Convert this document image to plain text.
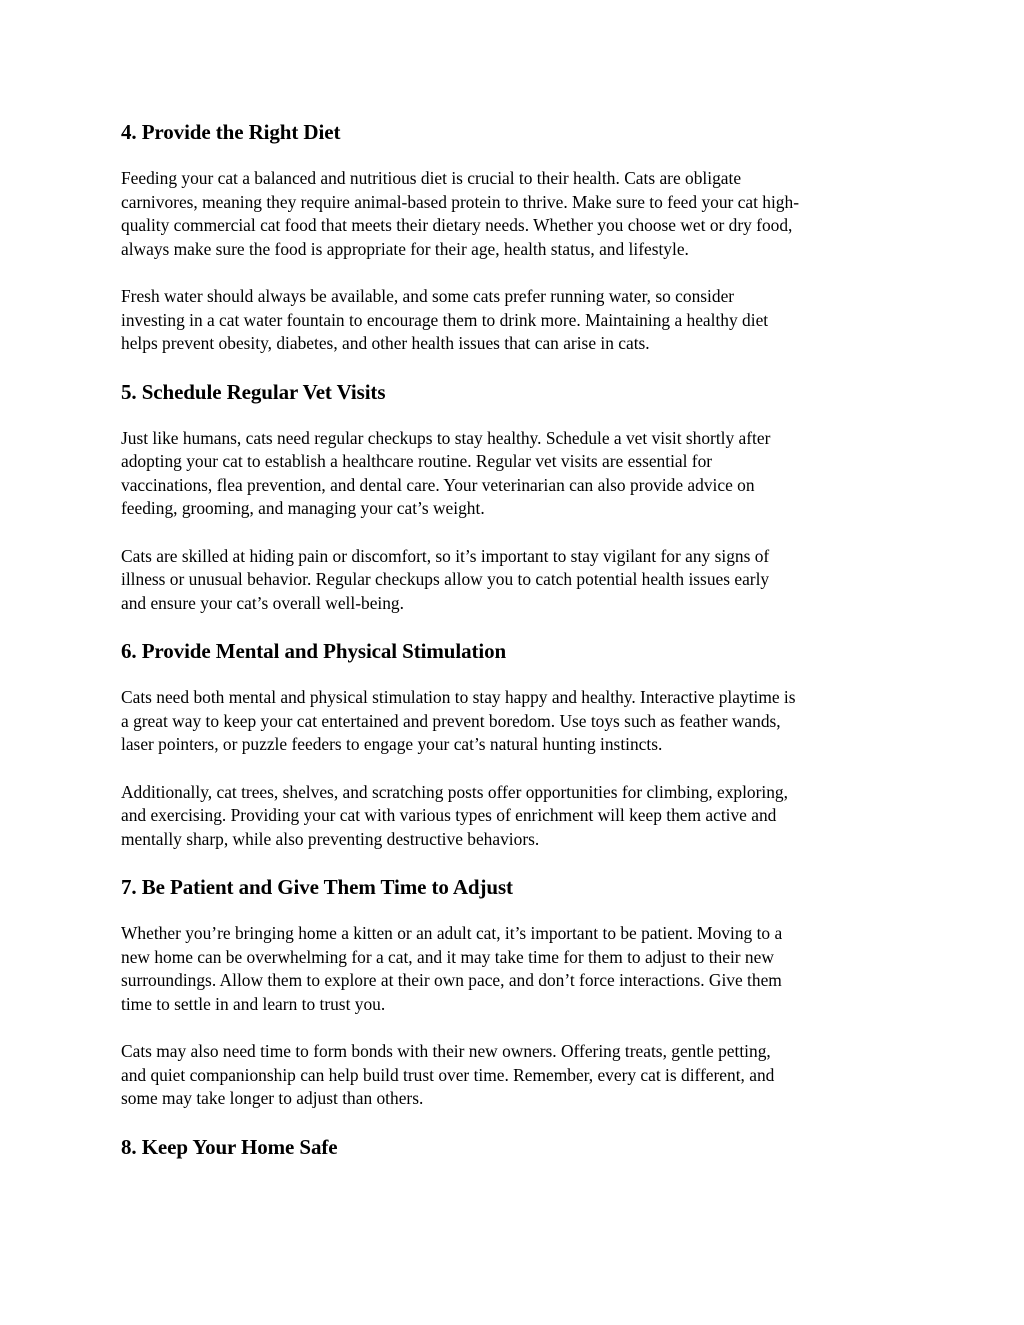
4. Provide the Right Diet

Feeding your cat a balanced and nutritious diet is crucial to their health. Cats are obligate
carnivores, meaning they require animal-based protein to thrive. Make sure to feed your cat high-
quality commercial cat food that meets their dietary needs. Whether you choose wet or dry food,
always make sure the food is appropriate for their age, health status, and lifestyle.

Fresh water should always be available, and some cats prefer running water, so consider
investing in a cat water fountain to encourage them to drink more. Maintaining a healthy diet
helps prevent obesity, diabetes, and other health issues that can arise in cats.

5. Schedule Regular Vet Visits

Just like humans, cats need regular checkups to stay healthy. Schedule a vet visit shortly after
adopting your cat to establish a healthcare routine. Regular vet visits are essential for
vaccinations, flea prevention, and dental care. Your veterinarian can also provide advice on
feeding, grooming, and managing your cat’s weight.

Cats are skilled at hiding pain or discomfort, so it’s important to stay vigilant for any signs of
illness or unusual behavior. Regular checkups allow you to catch potential health issues early
and ensure your cat’s overall well-being.

6. Provide Mental and Physical Stimulation

Cats need both mental and physical stimulation to stay happy and healthy. Interactive playtime is
a great way to keep your cat entertained and prevent boredom. Use toys such as feather wands,
laser pointers, or puzzle feeders to engage your cat’s natural hunting instincts.

Additionally, cat trees, shelves, and scratching posts offer opportunities for climbing, exploring,
and exercising. Providing your cat with various types of enrichment will keep them active and
mentally sharp, while also preventing destructive behaviors.

7. Be Patient and Give Them Time to Adjust

Whether you’re bringing home a kitten or an adult cat, it’s important to be patient. Moving to a
new home can be overwhelming for a cat, and it may take time for them to adjust to their new
surroundings. Allow them to explore at their own pace, and don’t force interactions. Give them
time to settle in and learn to trust you.

Cats may also need time to form bonds with their new owners. Offering treats, gentle petting,
and quiet companionship can help build trust over time. Remember, every cat is different, and
some may take longer to adjust than others.

8. Keep Your Home Safe
